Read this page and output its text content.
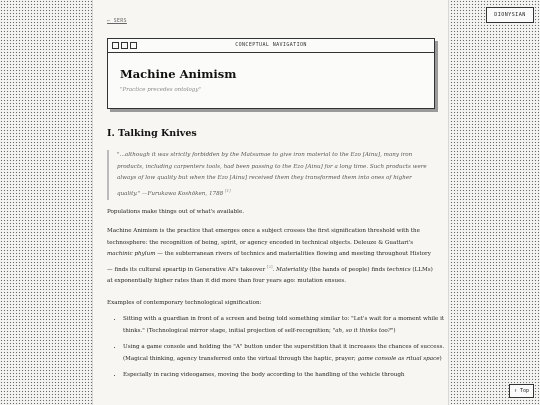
DIONYSIAN
← SERS
CONCEPTUAL NAVIGATION
Machine Animism
"Practice precedes ontology"
I. Talking Knives
"...although it was strictly forbidden by the Matsumae to give iron material to the Ezo [Ainu], many iron products, including carpenters tools, had been passing to the Ezo [Ainu] for a long time. Such products were always of low quality but when the Ezo [Ainu] received them they transformed them into ones of higher quality." —Furukawa Koshōken, 1788 [1]

Populations make things out of what's available.

Machine Animism is the practice that emerges once a subject crosses the first signification threshold with the technosphere: the recognition of being, spirit, or agency encoded in technical objects. Deleuze & Guattari's machinic phylum — the subterranean rivers of technics and materialities flowing and meeting throughout History — finds its cultural speartip in Generative AI's takeover [2]. Materiality (the hands of people) finds technics (LLMs) at exponentially higher rates than it did more than four years ago: mutation ensues.

Examples of contemporary technological signification:

• Sitting with a guardian in front of a screen and being told something similar to: "Let's wait for a moment while it thinks." (Technological mirror stage, initial projection of self-recognition; "ah, so it thinks too?")
• Using a game console and holding the "A" button under the superstition that it increases the chances of success. (Magical thinking, agency transferred onto the virtual through the haptic, prayer; game console as ritual space)
• Especially in racing videogames, moving the body according to the handling of the vehicle through
↑ Top
